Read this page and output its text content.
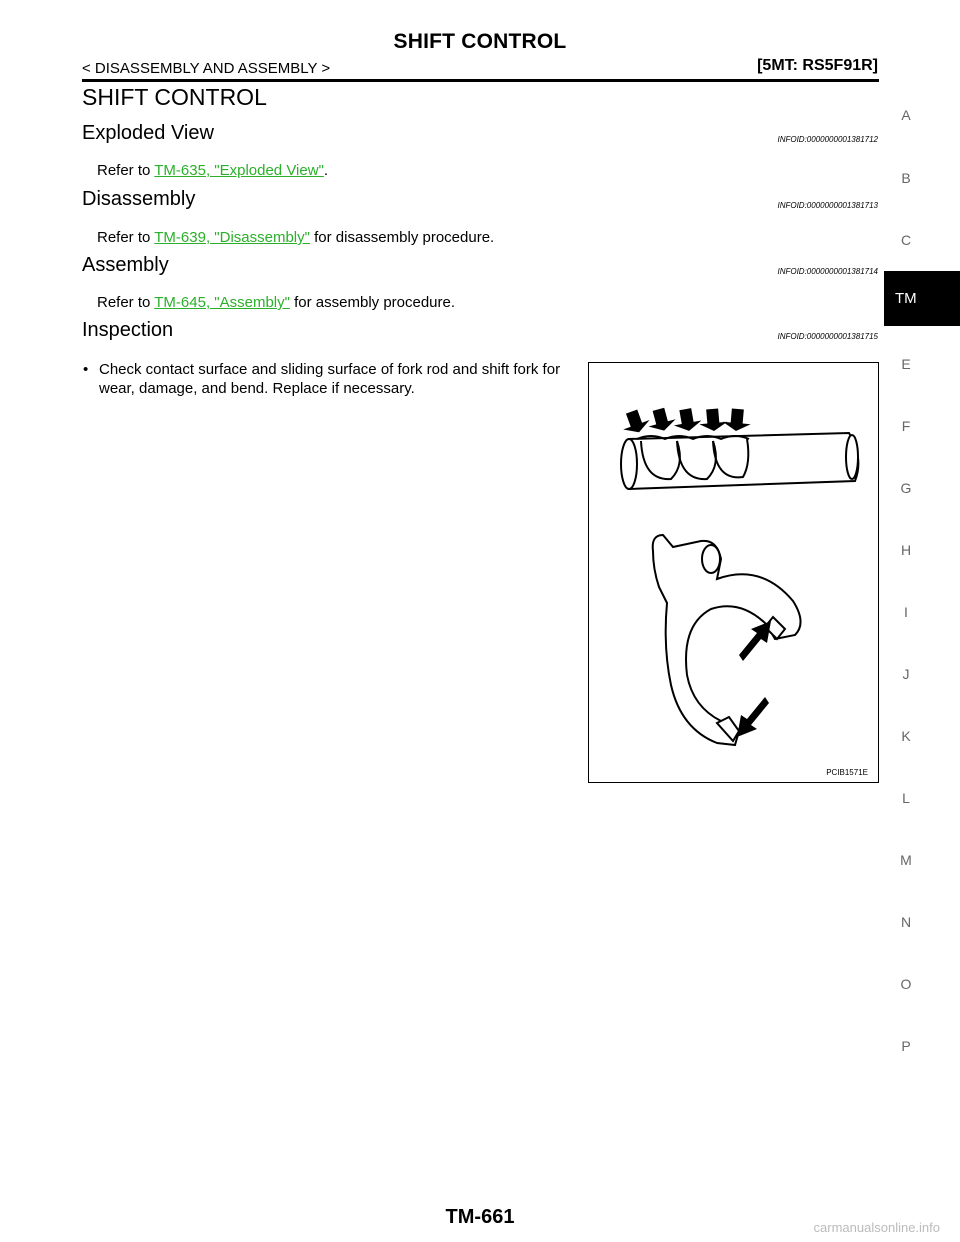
SHIFT CONTROL
< DISASSEMBLY AND ASSEMBLY >	[5MT: RS5F91R]
SHIFT CONTROL
Exploded View	INFOID:0000000001381712
Refer to TM-635, "Exploded View".
Disassembly	INFOID:0000000001381713
Refer to TM-639, "Disassembly" for disassembly procedure.
Assembly	INFOID:0000000001381714
Refer to TM-645, "Assembly" for assembly procedure.
Inspection	INFOID:0000000001381715
• Check contact surface and sliding surface of fork rod and shift fork for wear, damage, and bend. Replace if necessary.
PCIB1571E
A
B
C
TM
E
F
G
H
I
J
K
L
M
N
O
P
TM-661	carmanualsonline.info
